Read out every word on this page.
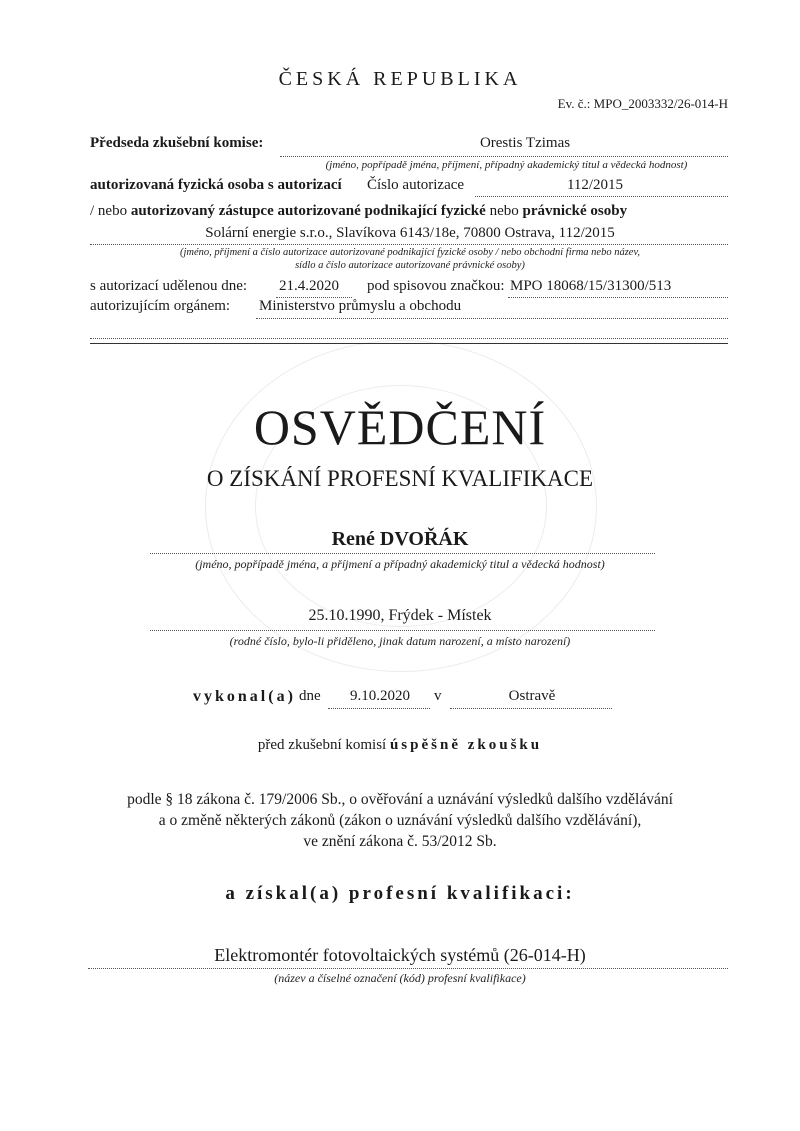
ČESKÁ REPUBLIKA
Ev. č.: MPO_2003332/26-014-H
Předseda zkušební komise:	Orestis Tzimas
(jméno, popřípadě jména, příjmení, případný akademický titul a vědecká hodnost)
autorizovaná fyzická osoba s autorizací Číslo autorizace	112/2015
/ nebo autorizovaný zástupce autorizované podnikající fyzické nebo právnické osoby
Solární energie s.r.o., Slavíkova 6143/18e, 70800 Ostrava, 112/2015
(jméno, příjmení a číslo autorizace autorizované podnikající fyzické osoby / nebo obchodní firma nebo název,
sídlo a číslo autorizace autorizované právnické osoby)
s autorizací udělenou dne: 21.4.2020 pod spisovou značkou: MPO 18068/15/31300/513
autorizujícím orgánem: Ministerstvo průmyslu a obchodu
OSVĚDČENÍ
O ZÍSKÁNÍ PROFESNÍ KVALIFIKACE
René DVOŘÁK
(jméno, popřípadě jména, a příjmení a případný akademický titul a vědecká hodnost)
25.10.1990, Frýdek - Místek
(rodné číslo, bylo-li přiděleno, jinak datum narození, a místo narození)
vykonal(a) dne	9.10.2020	v	Ostravě
před zkušební komisí úspěšně zkoušku
podle § 18 zákona č. 179/2006 Sb., o ověřování a uznávání výsledků dalšího vzdělávání
a o změně některých zákonů (zákon o uznávání výsledků dalšího vzdělávání),
ve znění zákona č. 53/2012 Sb.
a získal(a) profesní kvalifikaci:
Elektromontér fotovoltaických systémů (26-014-H)
(název a číselné označení (kód) profesní kvalifikace)
